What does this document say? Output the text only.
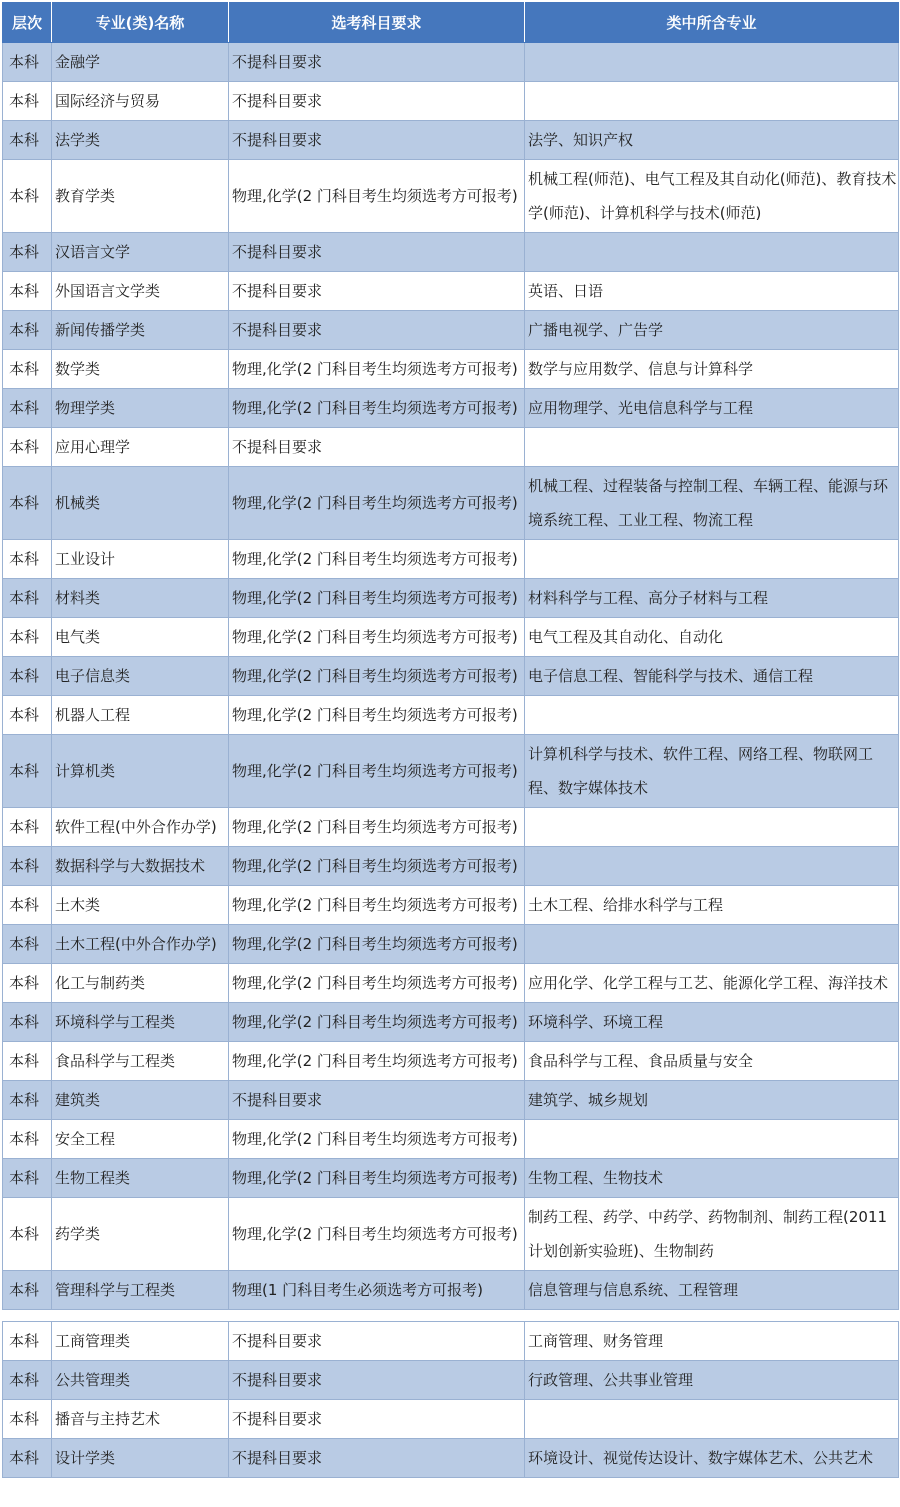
层次	专业(类)名称	选考科目要求	类中所含专业
本科	金融学	不提科目要求	
本科	国际经济与贸易	不提科目要求	
本科	法学类	不提科目要求	法学、知识产权
本科	教育学类	物理,化学(2 门科目考生均须选考方可报考)	机械工程(师范)、电气工程及其自动化(师范)、教育技术学(师范)、计算机科学与技术(师范)
本科	汉语言文学	不提科目要求	
本科	外国语言文学类	不提科目要求	英语、日语
本科	新闻传播学类	不提科目要求	广播电视学、广告学
本科	数学类	物理,化学(2 门科目考生均须选考方可报考)	数学与应用数学、信息与计算科学
本科	物理学类	物理,化学(2 门科目考生均须选考方可报考)	应用物理学、光电信息科学与工程
本科	应用心理学	不提科目要求	
本科	机械类	物理,化学(2 门科目考生均须选考方可报考)	机械工程、过程装备与控制工程、车辆工程、能源与环境系统工程、工业工程、物流工程
本科	工业设计	物理,化学(2 门科目考生均须选考方可报考)	
本科	材料类	物理,化学(2 门科目考生均须选考方可报考)	材料科学与工程、高分子材料与工程
本科	电气类	物理,化学(2 门科目考生均须选考方可报考)	电气工程及其自动化、自动化
本科	电子信息类	物理,化学(2 门科目考生均须选考方可报考)	电子信息工程、智能科学与技术、通信工程
本科	机器人工程	物理,化学(2 门科目考生均须选考方可报考)	
本科	计算机类	物理,化学(2 门科目考生均须选考方可报考)	计算机科学与技术、软件工程、网络工程、物联网工程、数字媒体技术
本科	软件工程(中外合作办学)	物理,化学(2 门科目考生均须选考方可报考)	
本科	数据科学与大数据技术	物理,化学(2 门科目考生均须选考方可报考)	
本科	土木类	物理,化学(2 门科目考生均须选考方可报考)	土木工程、给排水科学与工程
本科	土木工程(中外合作办学)	物理,化学(2 门科目考生均须选考方可报考)	
本科	化工与制药类	物理,化学(2 门科目考生均须选考方可报考)	应用化学、化学工程与工艺、能源化学工程、海洋技术
本科	环境科学与工程类	物理,化学(2 门科目考生均须选考方可报考)	环境科学、环境工程
本科	食品科学与工程类	物理,化学(2 门科目考生均须选考方可报考)	食品科学与工程、食品质量与安全
本科	建筑类	不提科目要求	建筑学、城乡规划
本科	安全工程	物理,化学(2 门科目考生均须选考方可报考)	
本科	生物工程类	物理,化学(2 门科目考生均须选考方可报考)	生物工程、生物技术
本科	药学类	物理,化学(2 门科目考生均须选考方可报考)	制药工程、药学、中药学、药物制剂、制药工程(2011 计划创新实验班)、生物制药
本科	管理科学与工程类	物理(1 门科目考生必须选考方可报考)	信息管理与信息系统、工程管理

本科	工商管理类	不提科目要求	工商管理、财务管理
本科	公共管理类	不提科目要求	行政管理、公共事业管理
本科	播音与主持艺术	不提科目要求	
本科	设计学类	不提科目要求	环境设计、视觉传达设计、数字媒体艺术、公共艺术
